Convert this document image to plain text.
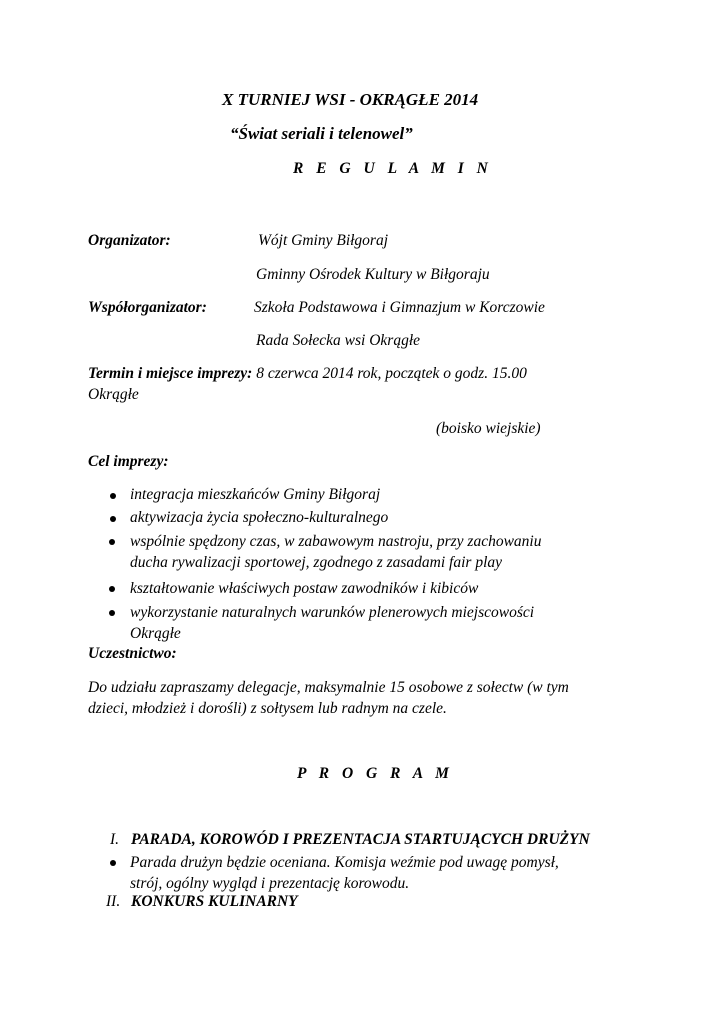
X TURNIEJ WSI - OKRĄGŁE 2014
“Świat seriali i telenowel”
R E G U L A M I N
Organizator:	Wójt Gminy Biłgoraj
Gminny Ośrodek Kultury w Biłgoraju
Współorganizator:	Szkoła Podstawowa i Gimnazjum w Korczowie
Rada Sołecka wsi Okrągłe
Termin i miejsce imprezy: 8 czerwca 2014 rok, początek o godz. 15.00
Okrągłe
(boisko wiejskie)
Cel imprezy:
integracja mieszkańców Gminy Biłgoraj
aktywizacja życia społeczno-kulturalnego
wspólnie spędzony czas, w zabawowym nastroju, przy zachowaniu
ducha rywalizacji sportowej, zgodnego z zasadami fair play
kształtowanie właściwych postaw zawodników i kibiców
wykorzystanie naturalnych warunków plenerowych miejscowości
Okrągłe
Uczestnictwo:
Do udziału zapraszamy delegacje, maksymalnie 15 osobowe z sołectw (w tym
dzieci, młodzież i dorośli) z sołtysem lub radnym na czele.
P R O G R A M
I. PARADA, KOROWÓD I PREZENTACJA STARTUJĄCYCH DRUŻYN
Parada drużyn będzie oceniana. Komisja weźmie pod uwagę pomysł,
strój, ogólny wygląd i prezentację korowodu.
II. KONKURS KULINARNY
